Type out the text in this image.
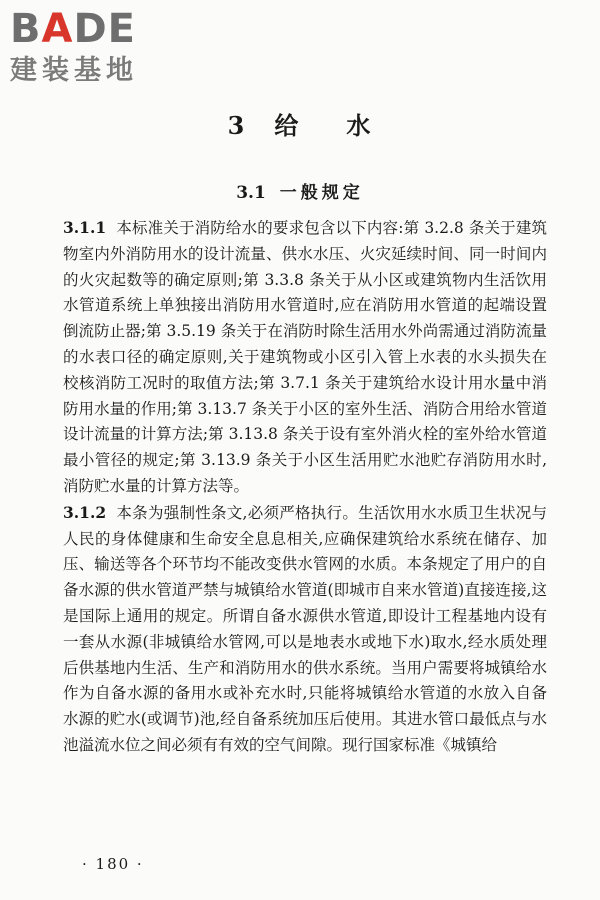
BADE
建装基地
3 给 水
3.1 一般规定

3.1.1 本标准关于消防给水的要求包含以下内容:第 3.2.8 条关于建筑物室内外消防用水的设计流量、供水水压、火灾延续时间、同一时间内的火灾起数等的确定原则;第 3.3.8 条关于从小区或建筑物内生活饮用水管道系统上单独接出消防用水管道时,应在消防用水管道的起端设置倒流防止器;第 3.5.19 条关于在消防时除生活用水外尚需通过消防流量的水表口径的确定原则,关于建筑物或小区引入管上水表的水头损失在校核消防工况时的取值方法;第 3.7.1 条关于建筑给水设计用水量中消防用水量的作用;第 3.13.7 条关于小区的室外生活、消防合用给水管道设计流量的计算方法;第 3.13.8 条关于设有室外消火栓的室外给水管道最小管径的规定;第 3.13.9 条关于小区生活用贮水池贮存消防用水时,消防贮水量的计算方法等。

3.1.2 本条为强制性条文,必须严格执行。生活饮用水水质卫生状况与人民的身体健康和生命安全息息相关,应确保建筑给水系统在储存、加压、输送等各个环节均不能改变供水管网的水质。本条规定了用户的自备水源的供水管道严禁与城镇给水管道(即城市自来水管道)直接连接,这是国际上通用的规定。所谓自备水源供水管道,即设计工程基地内设有一套从水源(非城镇给水管网,可以是地表水或地下水)取水,经水质处理后供基地内生活、生产和消防用水的供水系统。当用户需要将城镇给水作为自备水源的备用水或补充水时,只能将城镇给水管道的水放入自备水源的贮水(或调节)池,经自备系统加压后使用。其进水管口最低点与水池溢流水位之间必须有有效的空气间隙。现行国家标准《城镇给

· 180 ·
